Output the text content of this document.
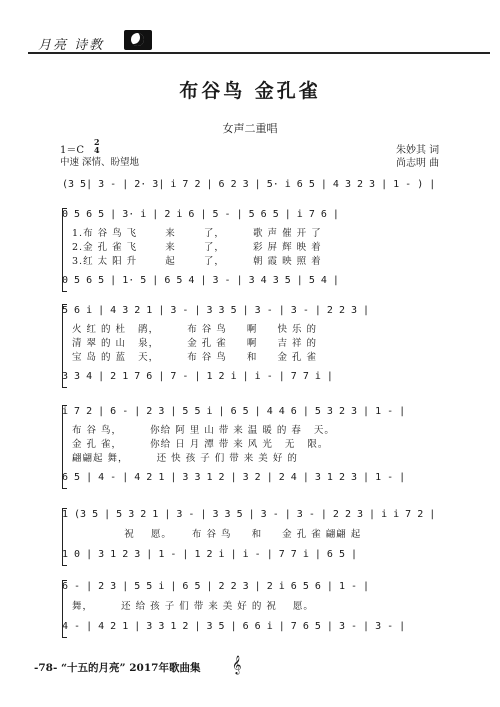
月亮 诗教
布谷鸟 金孔雀
女声二重唱
1＝C
2
4
中速 深情、盼望地
朱妙其 词
尚志明 曲
(3 5| 3 - | 2· 3| i 7 2 | 6 2 3 | 5· i 6 5 | 4 3 2 3 | 1 - ) |
0 5 6 5 | 3· i | 2 i 6 | 5 - | 5 6 5 | i 7 6 |
1.布 谷 鸟 飞       来       了，       歌 声 催 开 了
2.金 孔 雀 飞       来       了，       彩 屏 辉 映 着
3.红 太 阳 升       起       了，       朝 霞 映 照 着
0 5 6 5 | 1· 5 | 6 5 4 | 3 - | 3 4 3 5 | 5 4 |
5 6 i | 4 3 2 1 | 3 - | 3 3 5 | 3 - | 3 - | 2 2 3 |
火 红 的 杜   鹃，       布 谷 鸟     啊     快 乐 的
清 翠 的 山   泉，       金 孔 雀     啊     吉 祥 的
宝 岛 的 蓝   天，       布 谷 鸟     和     金 孔 雀
3 3 4 | 2 1 7 6 | 7 - | 1 2 i | i - | 7 7 i |
i 7 2 | 6 - | 2 3 | 5 5 i | 6 5 | 4 4 6 | 5 3 2 3 | 1 - |
布 谷 鸟，       你给 阿 里 山 带 来 温 暖 的 春   天。
金 孔 雀，       你给 日 月 潭 带 来 风 光   无   限。
翩翩起 舞，       还 快 孩 子 们 带 来 美 好 的
6 5 | 4 - | 4 2 1 | 3 3 1 2 | 3 2 | 2 4 | 3 1 2 3 | 1 - |
1 (3 5 | 5 3 2 1 | 3 - | 3 3 5 | 3 - | 3 - | 2 2 3 | i i 7 2 |
祝    愿。     布 谷 鸟     和     金 孔 雀 翩翩 起
1 0 | 3 1 2 3 | 1 - | 1 2 i | i - | 7 7 i | 6 5 |
6 - | 2 3 | 5 5 i | 6 5 | 2 2 3 | 2 i 6 5 6 | 1 - |
舞，       还 给 孩 子 们 带 来 美 好 的 祝    愿。
4 - | 4 2 1 | 3 3 1 2 | 3 5 | 6 6 i | 7 6 5 | 3 - | 3 - |
-78- “十五的月亮” 2017年歌曲集 𝄞
